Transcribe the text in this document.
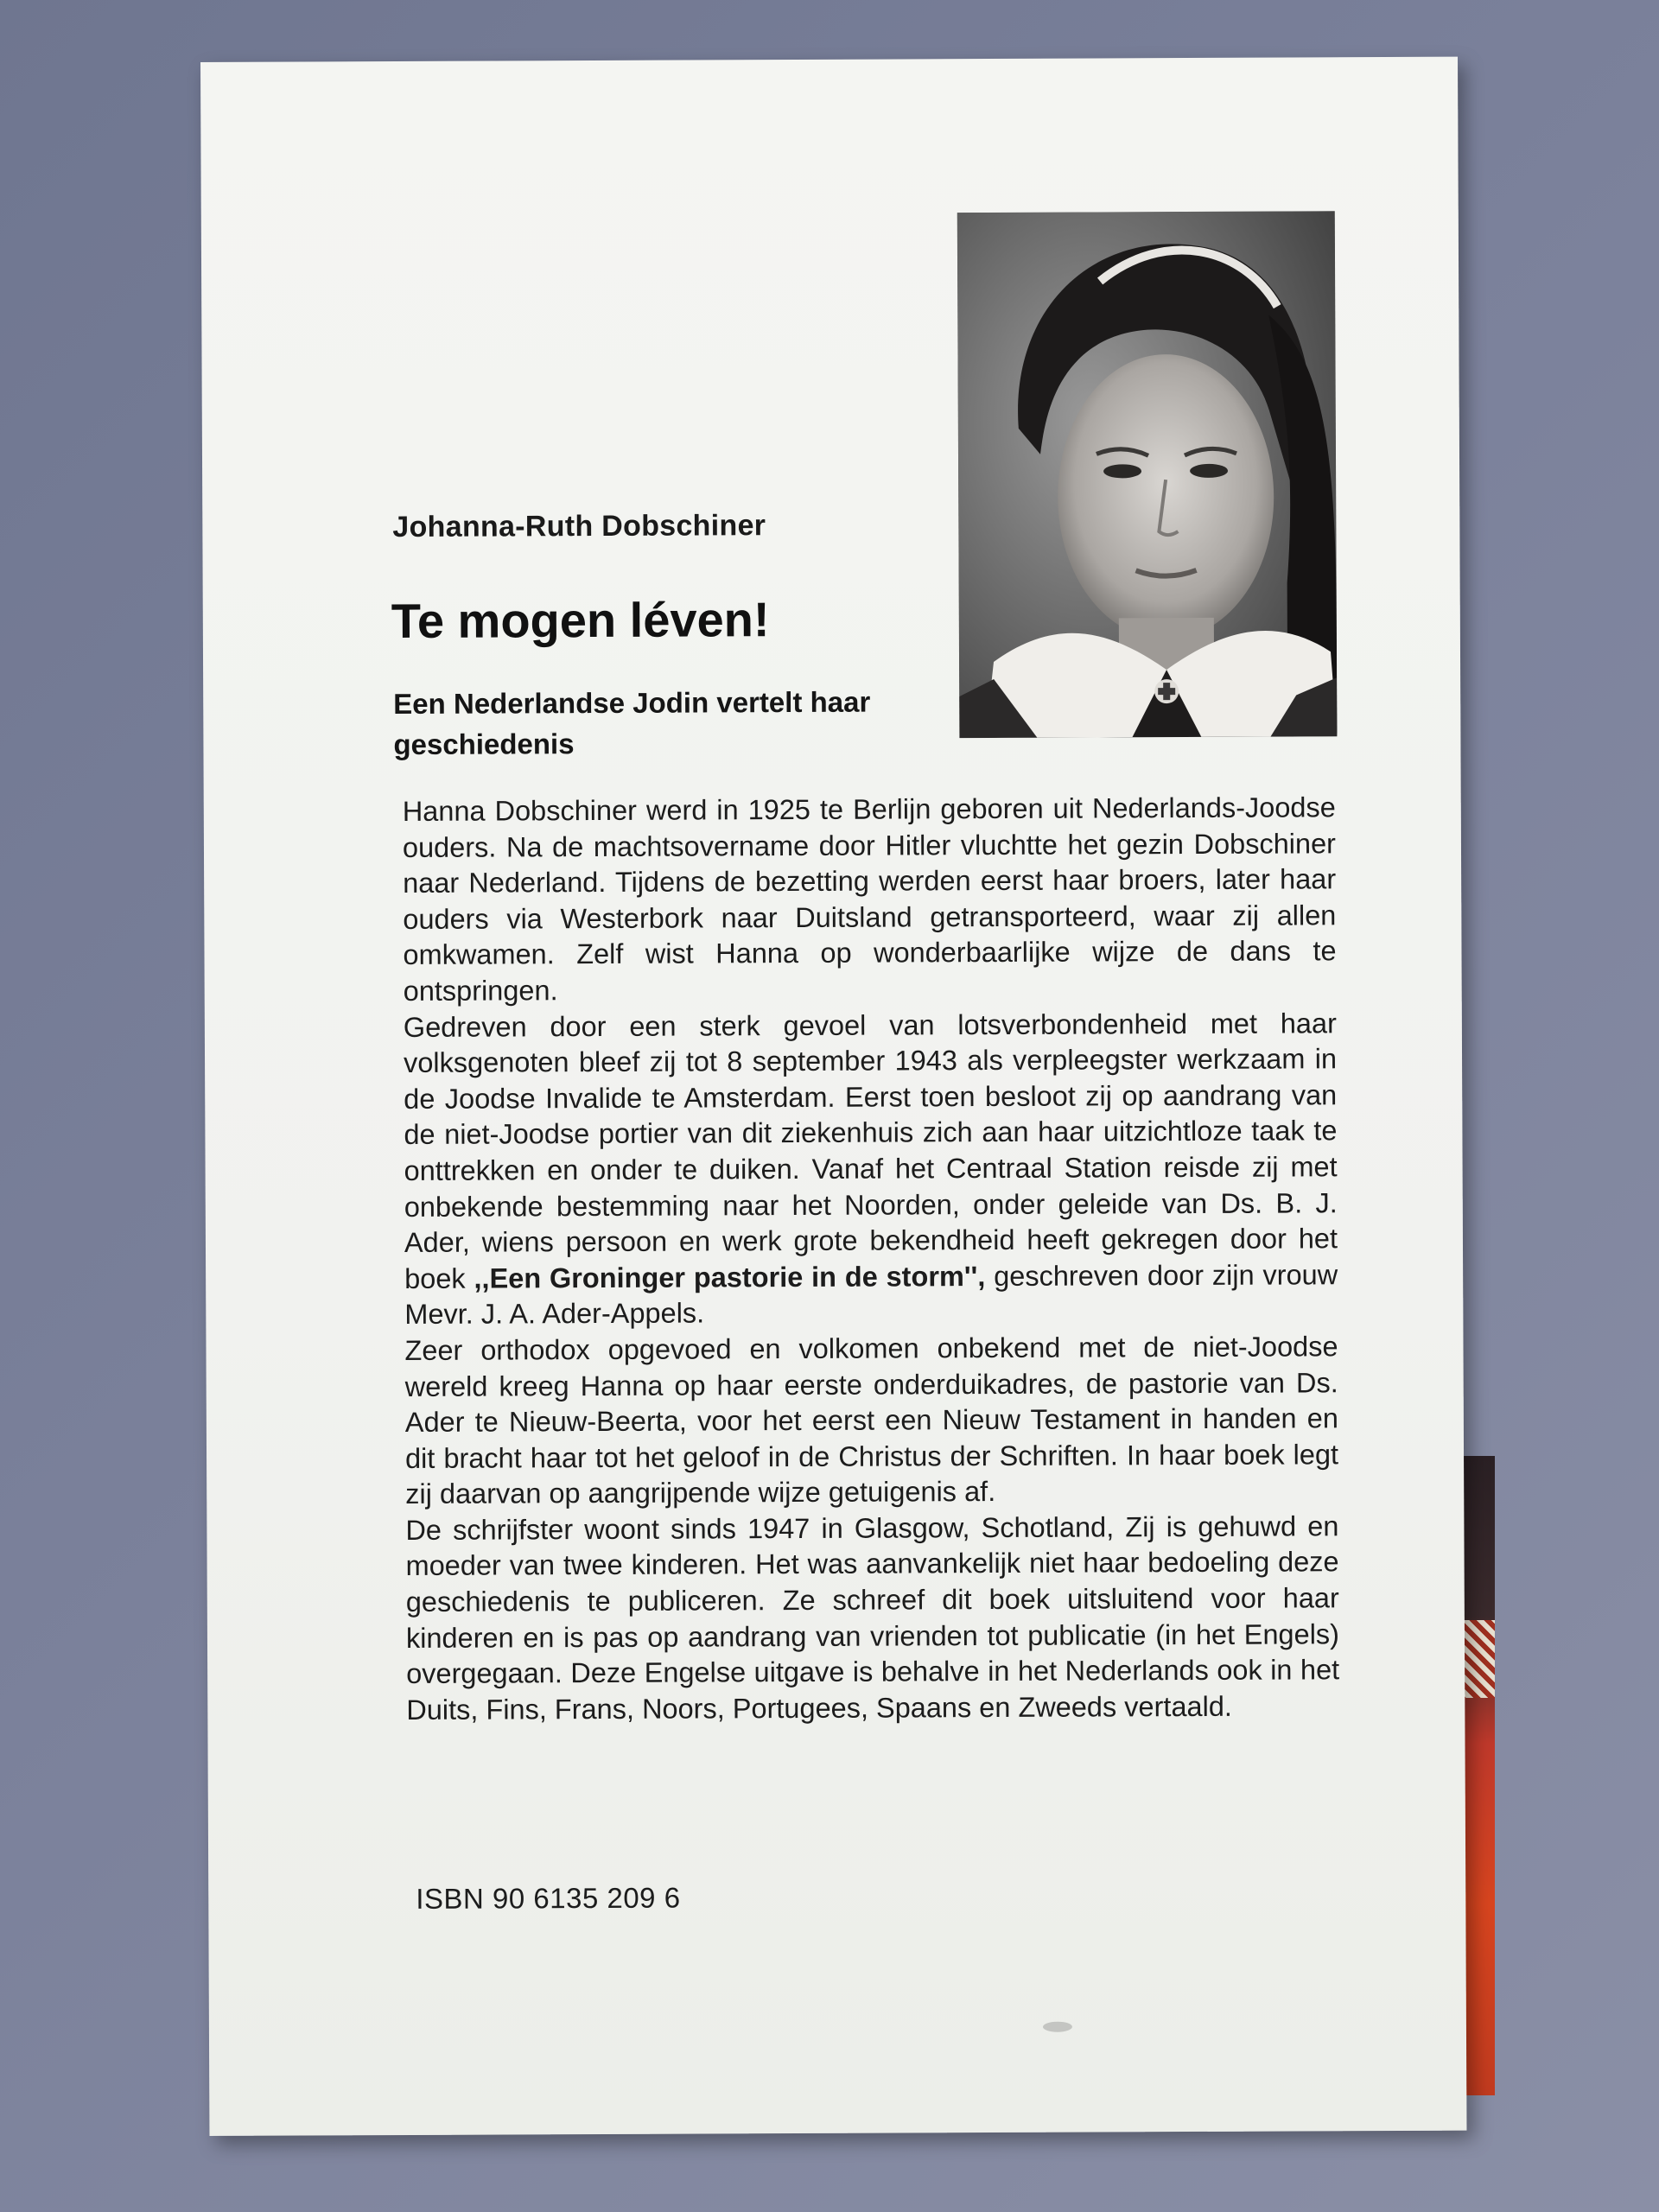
Johanna-Ruth Dobschiner
Te mogen léven!
Een Nederlandse Jodin vertelt haar geschiedenis

Hanna Dobschiner werd in 1925 te Berlijn geboren uit Nederlands-Joodse ouders. Na de machtsovername door Hitler vluchtte het gezin Dobschiner naar Nederland. Tijdens de bezetting werden eerst haar broers, later haar ouders via Westerbork naar Duitsland getransporteerd, waar zij allen omkwamen. Zelf wist Hanna op wonderbaarlijke wijze de dans te ontspringen.

Gedreven door een sterk gevoel van lotsverbondenheid met haar volksgenoten bleef zij tot 8 september 1943 als verpleegster werkzaam in de Joodse Invalide te Amsterdam. Eerst toen besloot zij op aandrang van de niet-Joodse portier van dit ziekenhuis zich aan haar uitzichtloze taak te onttrekken en onder te duiken. Vanaf het Centraal Station reisde zij met onbekende bestemming naar het Noorden, onder geleide van Ds. B. J. Ader, wiens persoon en werk grote bekendheid heeft gekregen door het boek ,,Een Groninger pastorie in de storm'', geschreven door zijn vrouw Mevr. J. A. Ader-Appels.

Zeer orthodox opgevoed en volkomen onbekend met de niet-Joodse wereld kreeg Hanna op haar eerste onderduikadres, de pastorie van Ds. Ader te Nieuw-Beerta, voor het eerst een Nieuw Testament in handen en dit bracht haar tot het geloof in de Christus der Schriften. In haar boek legt zij daarvan op aangrijpende wijze getuigenis af.

De schrijfster woont sinds 1947 in Glasgow, Schotland, Zij is gehuwd en moeder van twee kinderen. Het was aanvankelijk niet haar bedoeling deze geschiedenis te publiceren. Ze schreef dit boek uitsluitend voor haar kinderen en is pas op aandrang van vrienden tot publicatie (in het Engels) overgegaan. Deze Engelse uitgave is behalve in het Nederlands ook in het Duits, Fins, Frans, Noors, Portugees, Spaans en Zweeds vertaald.

ISBN 90 6135 209 6
